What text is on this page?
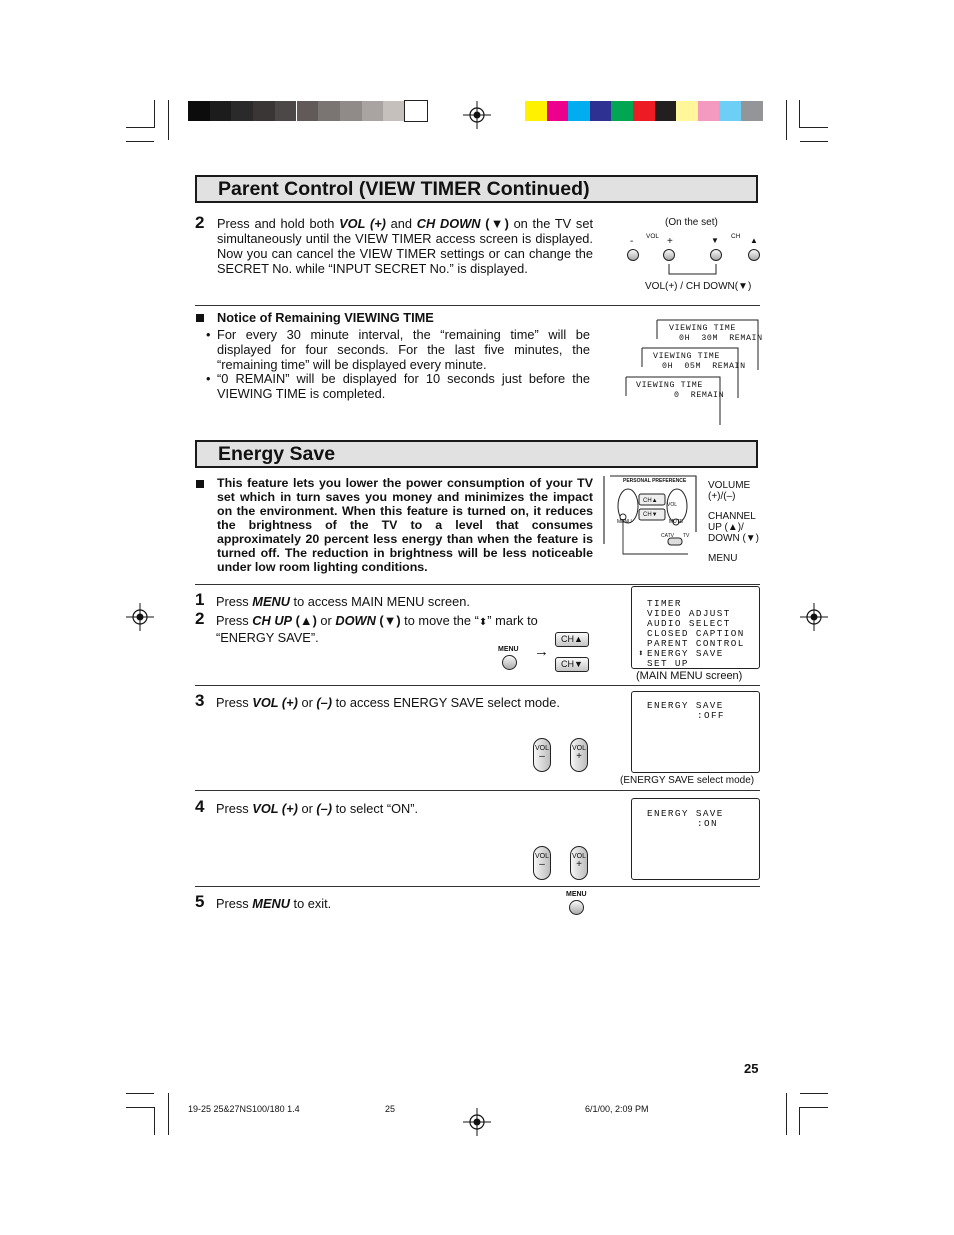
Parent Control (VIEW TIMER Continued)
2 Press and hold both VOL (+) and CH DOWN (▼) on the TV set simultaneously until the VIEW TIMER access screen is displayed. Now you can cancel the VIEW TIMER settings or can change the SECRET No. while “INPUT SECRET No.” is displayed.
(On the set)
- VOL +	▼ CH ▲
VOL(+) / CH DOWN(▼)
Notice of Remaining VIEWING TIME
• For every 30 minute interval, the “remaining time” will be displayed for four seconds. For the last five minutes, the “remaining time” will be displayed every minute.
• “0 REMAIN” will be displayed for 10 seconds just before the VIEWING TIME is completed.
VIEWING TIME
0H  30M  REMAIN
VIEWING TIME
0H  05M  REMAIN
VIEWING TIME
0  REMAIN
Energy Save
This feature lets you lower the power consumption of your TV set which in turn saves you money and minimizes the impact on the environment. When this feature is turned on, it reduces the brightness of the TV to a level that consumes approximately 20 percent less energy than when the feature is turned off. The reduction in brightness will be less noticeable under low room lighting conditions.
PERSONAL PREFERENCE
CH▲
CH▼
VOL
MENU	MUTE
CATV TV
VOLUME
(+)/(–)
CHANNEL
UP (▲)/
DOWN (▼)
MENU
1 Press MENU to access MAIN MENU screen.
2 Press CH UP (▲) or DOWN (▼) to move the “⬍” mark to “ENERGY SAVE”.
MENU →
CH▲
CH▼
TIMER
VIDEO ADJUST
AUDIO SELECT
CLOSED CAPTION
PARENT CONTROL
⬍ ENERGY SAVE
SET UP
(MAIN MENU screen)
3 Press VOL (+) or (–) to access ENERGY SAVE select mode.
VOL
–
VOL
+
ENERGY SAVE
:OFF
(ENERGY SAVE select mode)
4 Press VOL (+) or (–) to select “ON”.
VOL
–
VOL
+
ENERGY SAVE
:ON
5 Press MENU to exit.
MENU
25
19-25 25&27NS100/180 1.4	25	6/1/00, 2:09 PM
